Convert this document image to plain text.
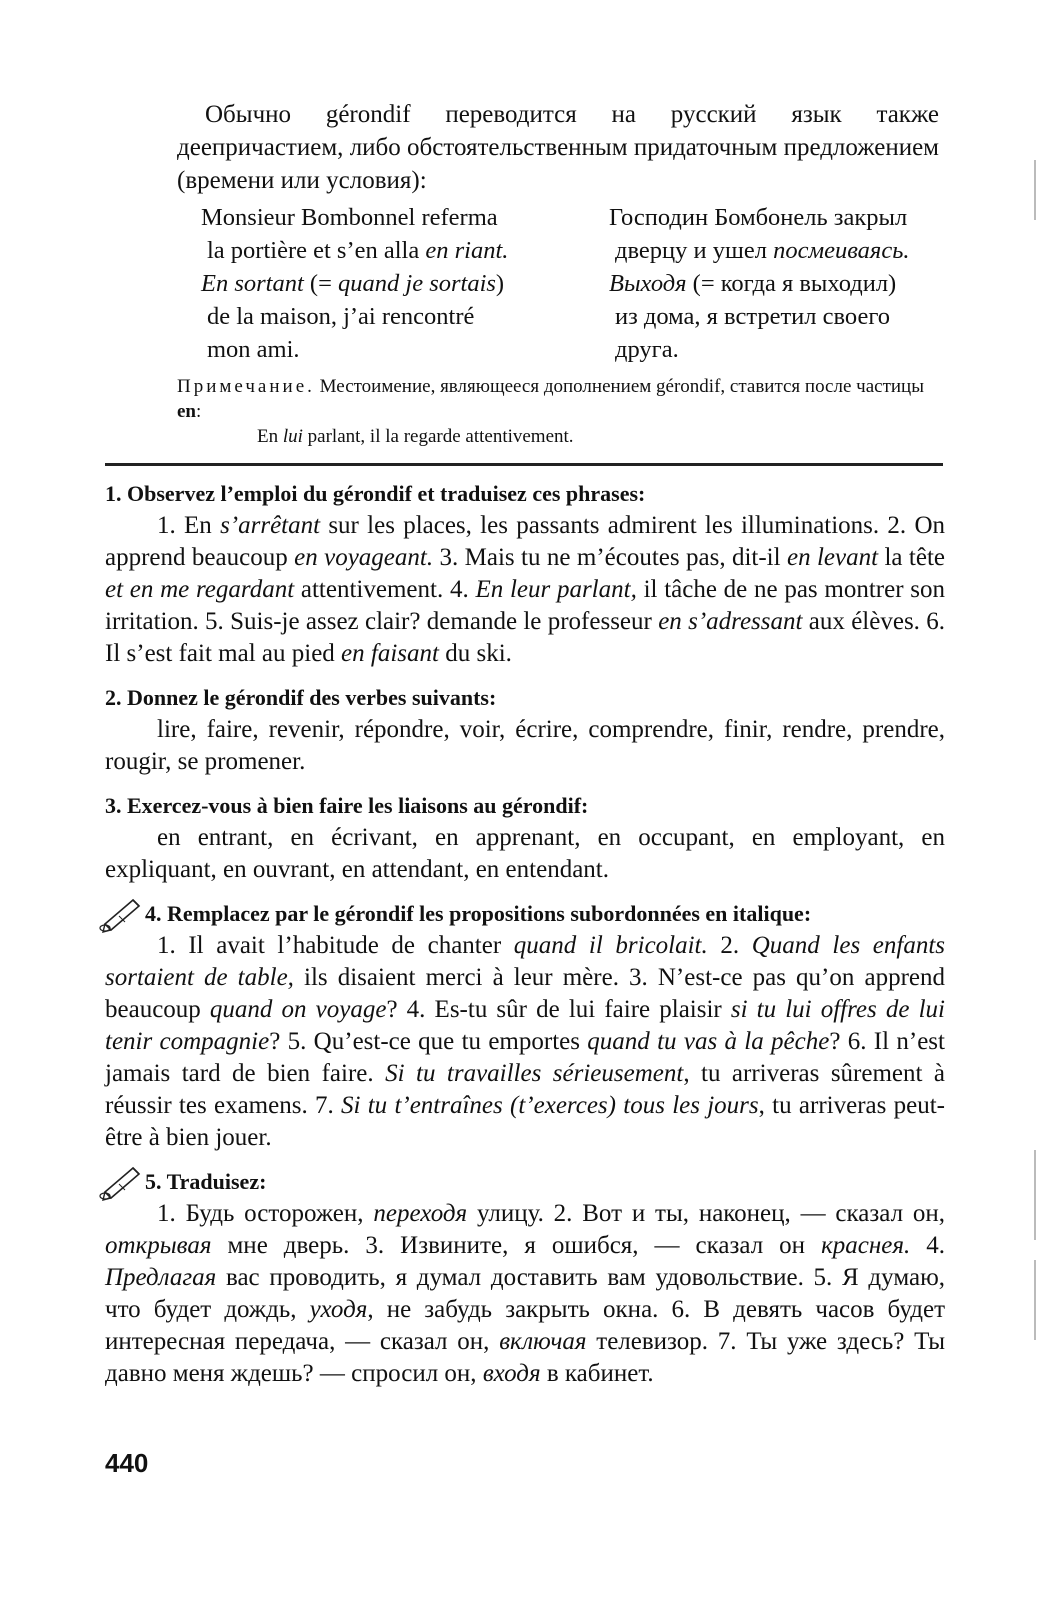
Обычно gérondif переводится на русский язык также деепричастием, либо обстоятельственным придаточным предложением (времени или условия):
Monsieur Bombonnel referma
la portière et s’en alla en riant.
En sortant (= quand je sortais)
de la maison, j’ai rencontré
mon ami.
Господин Бомбонель закрыл
дверцу и ушел посмеиваясь.
Выходя (= когда я выходил)
из дома, я встретил своего
друга.
Примечание. Местоимение, являющееся дополнением gérondif, ставится после частицы en:
En lui parlant, il la regarde attentivement.

1. Observez l’emploi du gérondif et traduisez ces phrases:

1. En s’arrêtant sur les places, les passants admirent les illuminations. 2. On apprend beaucoup en voyageant. 3. Mais tu ne m’écoutes pas, dit-il en levant la tête et en me regardant attentivement. 4. En leur parlant, il tâche de ne pas montrer son irritation. 5. Suis-je assez clair? demande le professeur en s’adressant aux élèves. 6. Il s’est fait mal au pied en faisant du ski.

2. Donnez le gérondif des verbes suivants:

lire, faire, revenir, répondre, voir, écrire, comprendre, finir, rendre, prendre, rougir, se promener.

3. Exercez-vous à bien faire les liaisons au gérondif:

en entrant, en écrivant, en apprenant, en occupant, en employant, en expliquant, en ouvrant, en attendant, en entendant.

4. Remplacez par le gérondif les propositions subordonnées en italique:

1. Il avait l’habitude de chanter quand il bricolait. 2. Quand les enfants sortaient de table, ils disaient merci à leur mère. 3. N’est-ce pas qu’on apprend beaucoup quand on voyage? 4. Es-tu sûr de lui faire plaisir si tu lui offres de lui tenir compagnie? 5. Qu’est-ce que tu emportes quand tu vas à la pêche? 6. Il n’est jamais tard de bien faire. Si tu travailles sérieusement, tu arriveras sûrement à réussir tes examens. 7. Si tu t’entraînes (t’exerces) tous les jours, tu arriveras peut-être à bien jouer.

5. Traduisez:

1. Будь осторожен, переходя улицу. 2. Вот и ты, наконец, — сказал он, открывая мне дверь. 3. Извините, я ошибся, — сказал он краснея. 4. Предлагая вас проводить, я думал доставить вам удовольствие. 5. Я думаю, что будет дождь, уходя, не забудь закрыть окна. 6. В девять часов будет интересная передача, — сказал он, включая телевизор. 7. Ты уже здесь? Ты давно меня ждешь? — спросил он, входя в кабинет.
440
